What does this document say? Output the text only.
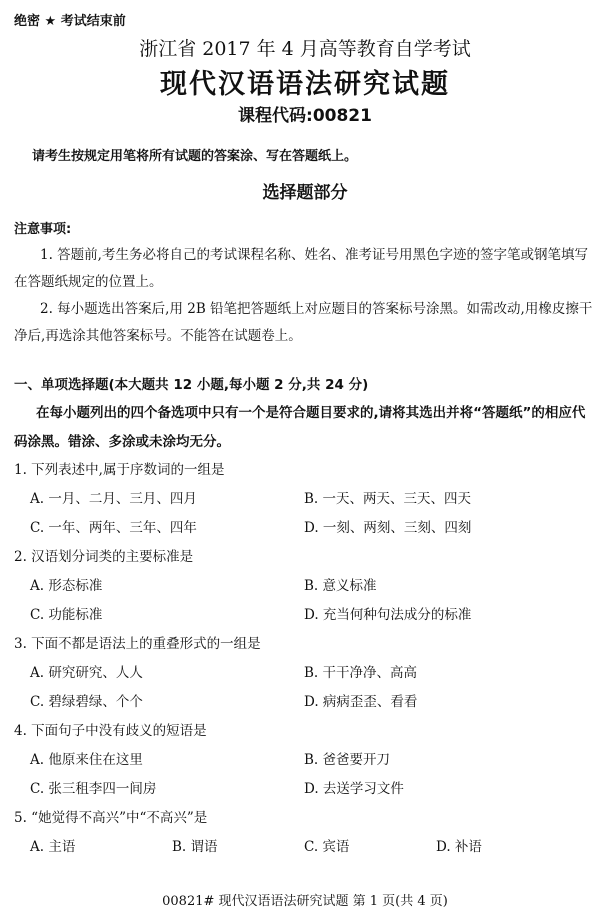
绝密 ★ 考试结束前
浙江省 2017 年 4 月高等教育自学考试
现代汉语语法研究试题
课程代码:00821
请考生按规定用笔将所有试题的答案涂、写在答题纸上。
选择题部分
注意事项:
1. 答题前,考生务必将自己的考试课程名称、姓名、准考证号用黑色字迹的签字笔或钢笔填写在答题纸规定的位置上。
2. 每小题选出答案后,用 2B 铅笔把答题纸上对应题目的答案标号涂黑。如需改动,用橡皮擦干净后,再选涂其他答案标号。不能答在试题卷上。
一、单项选择题(本大题共 12 小题,每小题 2 分,共 24 分)
在每小题列出的四个备选项中只有一个是符合题目要求的,请将其选出并将“答题纸”的相应代码涂黑。错涂、多涂或未涂均无分。
1. 下列表述中,属于序数词的一组是
A. 一月、二月、三月、四月	B. 一天、两天、三天、四天
C. 一年、两年、三年、四年	D. 一刻、两刻、三刻、四刻
2. 汉语划分词类的主要标准是
A. 形态标准	B. 意义标准
C. 功能标准	D. 充当何种句法成分的标准
3. 下面不都是语法上的重叠形式的一组是
A. 研究研究、人人	B. 干干净净、高高
C. 碧绿碧绿、个个	D. 病病歪歪、看看
4. 下面句子中没有歧义的短语是
A. 他原来住在这里	B. 爸爸要开刀
C. 张三租李四一间房	D. 去送学习文件
5. “她觉得不高兴”中“不高兴”是
A. 主语	B. 谓语	C. 宾语	D. 补语
00821# 现代汉语语法研究试题 第 1 页(共 4 页)
